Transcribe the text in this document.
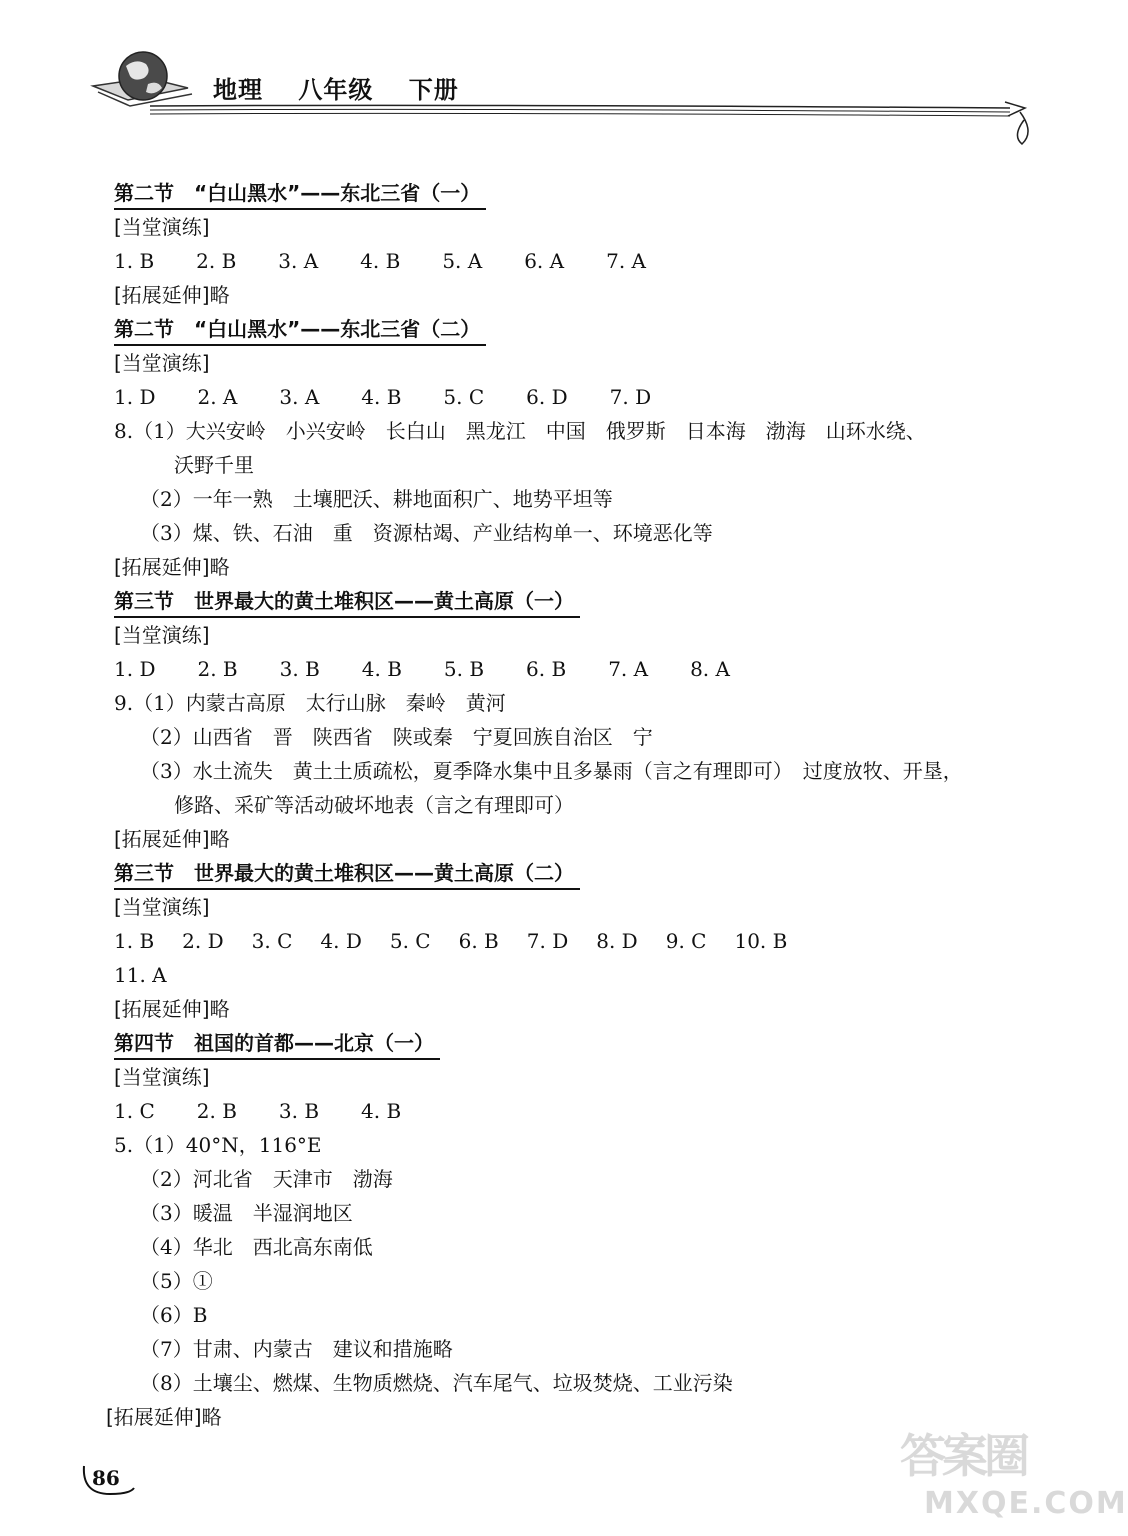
地理 八年级 下册
第二节　“白山黑水”——东北三省（一）
[当堂演练]
1. B 2. B 3. A 4. B 5. A 6. A 7. A
[拓展延伸]略
第二节　“白山黑水”——东北三省（二）
[当堂演练]
1. D 2. A 3. A 4. B 5. C 6. D 7. D
8.（1）大兴安岭　小兴安岭　长白山　黑龙江　中国　俄罗斯　日本海　渤海　山环水绕、
沃野千里
（2）一年一熟　土壤肥沃、耕地面积广、地势平坦等
（3）煤、铁、石油　重　资源枯竭、产业结构单一、环境恶化等
[拓展延伸]略
第三节　世界最大的黄土堆积区——黄土高原（一）
[当堂演练]
1. D 2. B 3. B 4. B 5. B 6. B 7. A 8. A
9.（1）内蒙古高原　太行山脉　秦岭　黄河
（2）山西省　晋　陕西省　陕或秦　宁夏回族自治区　宁
（3）水土流失　黄土土质疏松，夏季降水集中且多暴雨（言之有理即可）　过度放牧、开垦，
修路、采矿等活动破坏地表（言之有理即可）
[拓展延伸]略
第三节　世界最大的黄土堆积区——黄土高原（二）
[当堂演练]
1. B 2. D 3. C 4. D 5. C 6. B 7. D 8. D 9. C 10. B
11. A
[拓展延伸]略
第四节　祖国的首都——北京（一）
[当堂演练]
1. C 2. B 3. B 4. B
5.（1）40°N，116°E
（2）河北省　天津市　渤海
（3）暖温　半湿润地区
（4）华北　西北高东南低
（5）①
（6）B
（7）甘肃、内蒙古　建议和措施略
（8）土壤尘、燃煤、生物质燃烧、汽车尾气、垃圾焚烧、工业污染
[拓展延伸]略
86	答案圈
MXQE.COM
